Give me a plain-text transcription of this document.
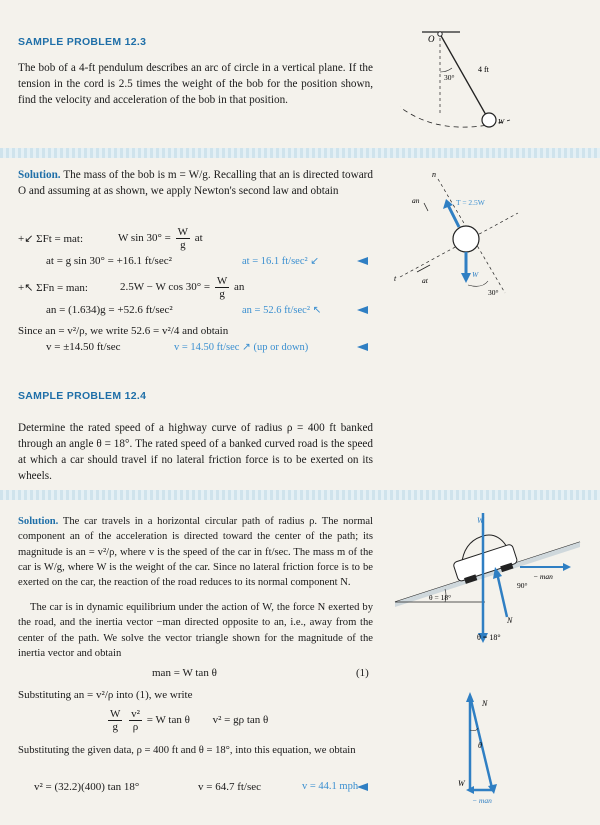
SAMPLE PROBLEM 12.3
The bob of a 4-ft pendulum describes an arc of circle in a vertical plane. If the tension in the cord is 2.5 times the weight of the bob for the position shown, find the velocity and acceleration of the bob in that position.
O
30°
4 ft
W
Solution. The mass of the bob is m = W/g. Recalling that an is directed toward O and assuming at as shown, we apply Newton's second law and obtain
+↙ ΣFt = mat:	W $\sin 30^\circ = \frac{W}{g}$ at
at = g sin 30° = +16.1 ft/sec²	at = 16.1 ft/sec² ↙
+↖ ΣFn = man:	2.5W − W $\cos 30^\circ = \frac{W}{g}$ an
an = (1.634)g = +52.6 ft/sec²	an = 52.6 ft/sec² ↖
Since an = v²/ρ, we write 52.6 = v²/4 and obtain
v = ±14.50 ft/sec	v = 14.50 ft/sec ↗ (up or down)
n
t
an
at
T = 2.5W
W
30°
SAMPLE PROBLEM 12.4
Determine the rated speed of a highway curve of radius ρ = 400 ft banked through an angle θ = 18°. The rated speed of a banked curved road is the speed at which a car should travel if no lateral friction force is to be exerted on its wheels.
Solution. The car travels in a horizontal circular path of radius ρ. The normal component an of the acceleration is directed toward the center of the path; its magnitude is an = v²/ρ, where v is the speed of the car in ft/sec. The mass m of the car is W/g, where W is the weight of the car. Since no lateral friction force is to be exerted on the car, the reaction of the road reduces to its normal component N.
The car is in dynamic equilibrium under the action of W, the force N exerted by the road, and the inertia vector −man directed opposite to an, i.e., away from the center of the path. We solve the vector triangle shown for the magnitude of the inertia vector and obtain
man = W tan θ	(1)
Substituting an = v²/ρ into (1), we write
$\frac{W}{g}$
$\frac{\text{v²}}{\rho} = W$ tan θ v² = gρ tan θ
Substituting the given data, ρ = 400 ft and θ = 18°, into this equation, we obtain
v² = (32.2)(400) tan 18°	v = 64.7 ft/sec	v = 44.1 mph
W
N
− man
θ = 18°
90°
θ = 18°
N
θ
W
− man
